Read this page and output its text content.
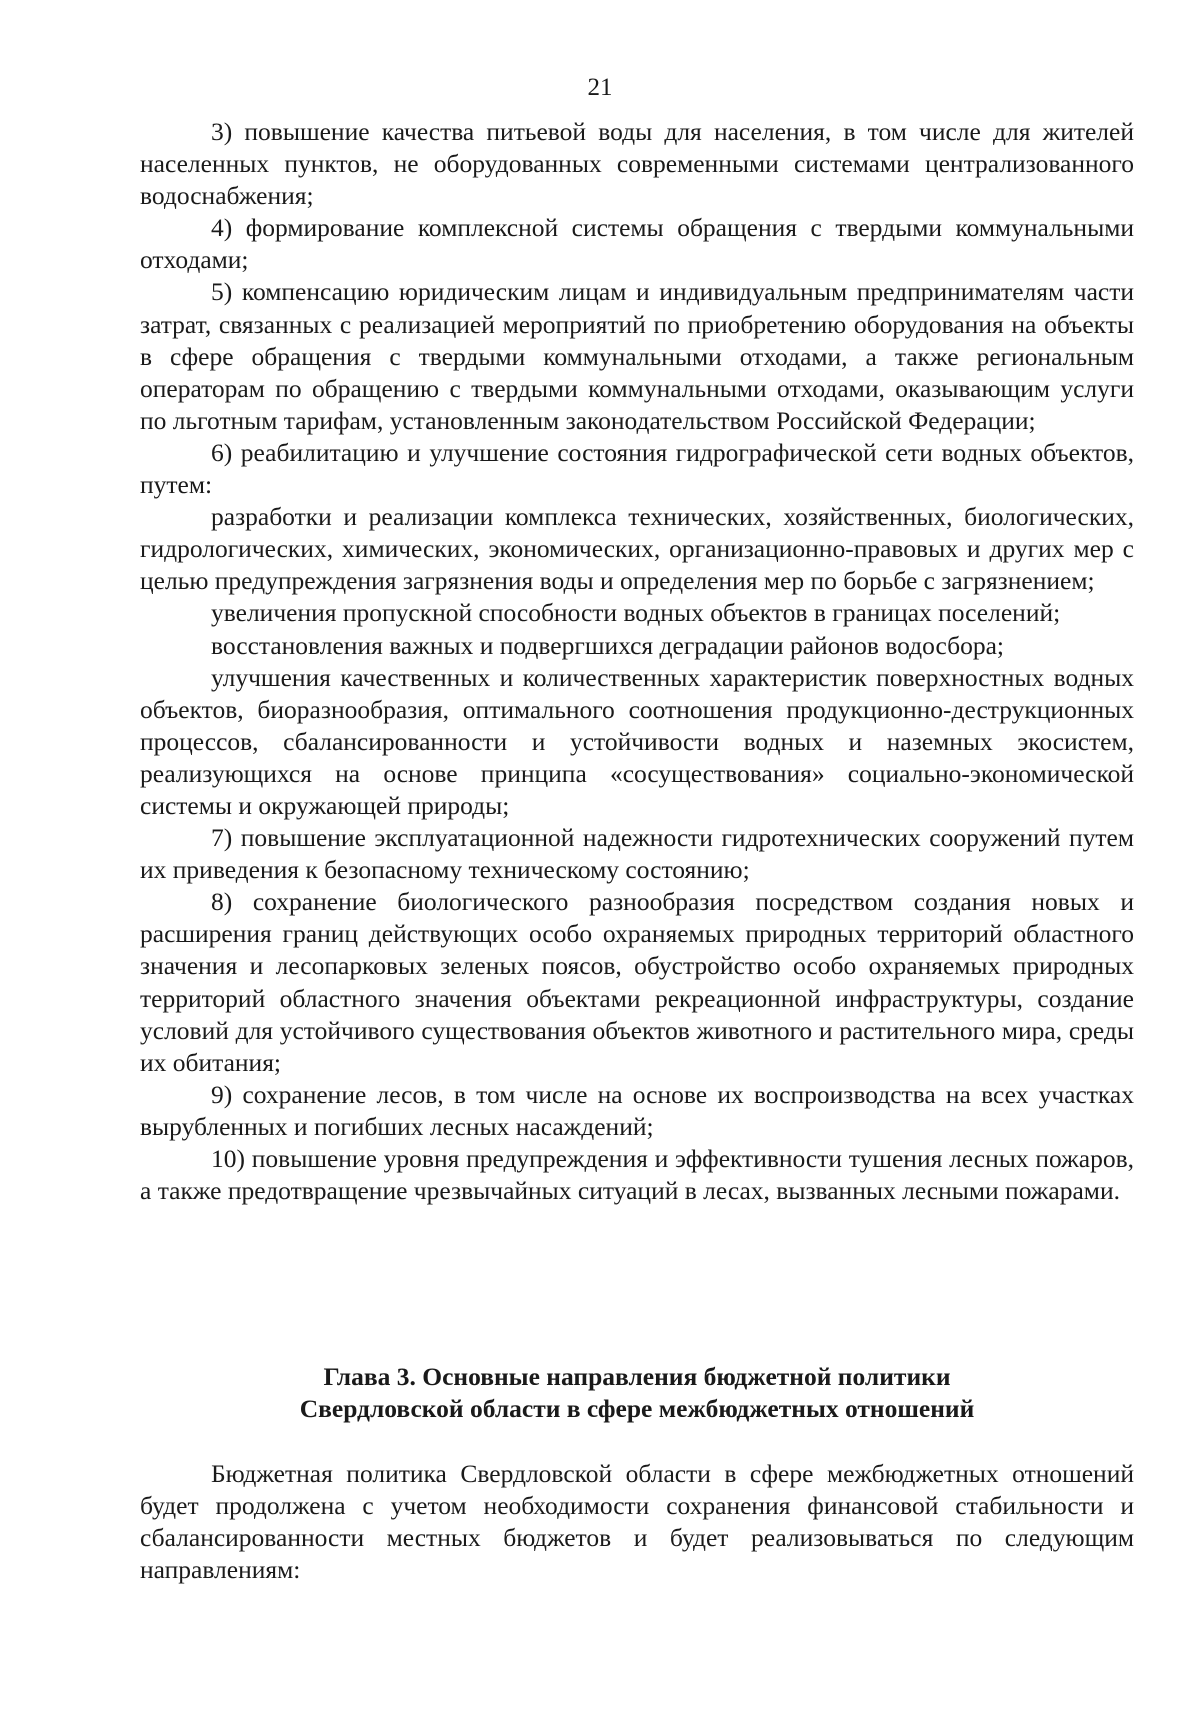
21

3) повышение качества питьевой воды для населения, в том числе для жителей населенных пунктов, не оборудованных современными системами централизованного водоснабжения;

4) формирование комплексной системы обращения с твердыми коммунальными отходами;

5) компенсацию юридическим лицам и индивидуальным предпринимателям части затрат, связанных с реализацией мероприятий по приобретению оборудования на объекты в сфере обращения с твердыми коммунальными отходами, а также региональным операторам по обращению с твердыми коммунальными отходами, оказывающим услуги по льготным тарифам, установленным законодательством Российской Федерации;

6) реабилитацию и улучшение состояния гидрографической сети водных объектов, путем:

разработки и реализации комплекса технических, хозяйственных, биологических, гидрологических, химических, экономических, организационно-правовых и других мер с целью предупреждения загрязнения воды и определения мер по борьбе с загрязнением;

увеличения пропускной способности водных объектов в границах поселений;

восстановления важных и подвергшихся деградации районов водосбора;

улучшения качественных и количественных характеристик поверхностных водных объектов, биоразнообразия, оптимального соотношения продукционно-деструкционных процессов, сбалансированности и устойчивости водных и наземных экосистем, реализующихся на основе принципа «сосуществования» социально-экономической системы и окружающей природы;

7) повышение эксплуатационной надежности гидротехнических сооружений путем их приведения к безопасному техническому состоянию;

8) сохранение биологического разнообразия посредством создания новых и расширения границ действующих особо охраняемых природных территорий областного значения и лесопарковых зеленых поясов, обустройство особо охраняемых природных территорий областного значения объектами рекреационной инфраструктуры, создание условий для устойчивого существования объектов животного и растительного мира, среды их обитания;

9) сохранение лесов, в том числе на основе их воспроизводства на всех участках вырубленных и погибших лесных насаждений;

10) повышение уровня предупреждения и эффективности тушения лесных пожаров, а также предотвращение чрезвычайных ситуаций в лесах, вызванных лесными пожарами.

Глава 3. Основные направления бюджетной политики
Свердловской области в сфере межбюджетных отношений

Бюджетная политика Свердловской области в сфере межбюджетных отношений будет продолжена с учетом необходимости сохранения финансовой стабильности и сбалансированности местных бюджетов и будет реализовываться по следующим направлениям:
